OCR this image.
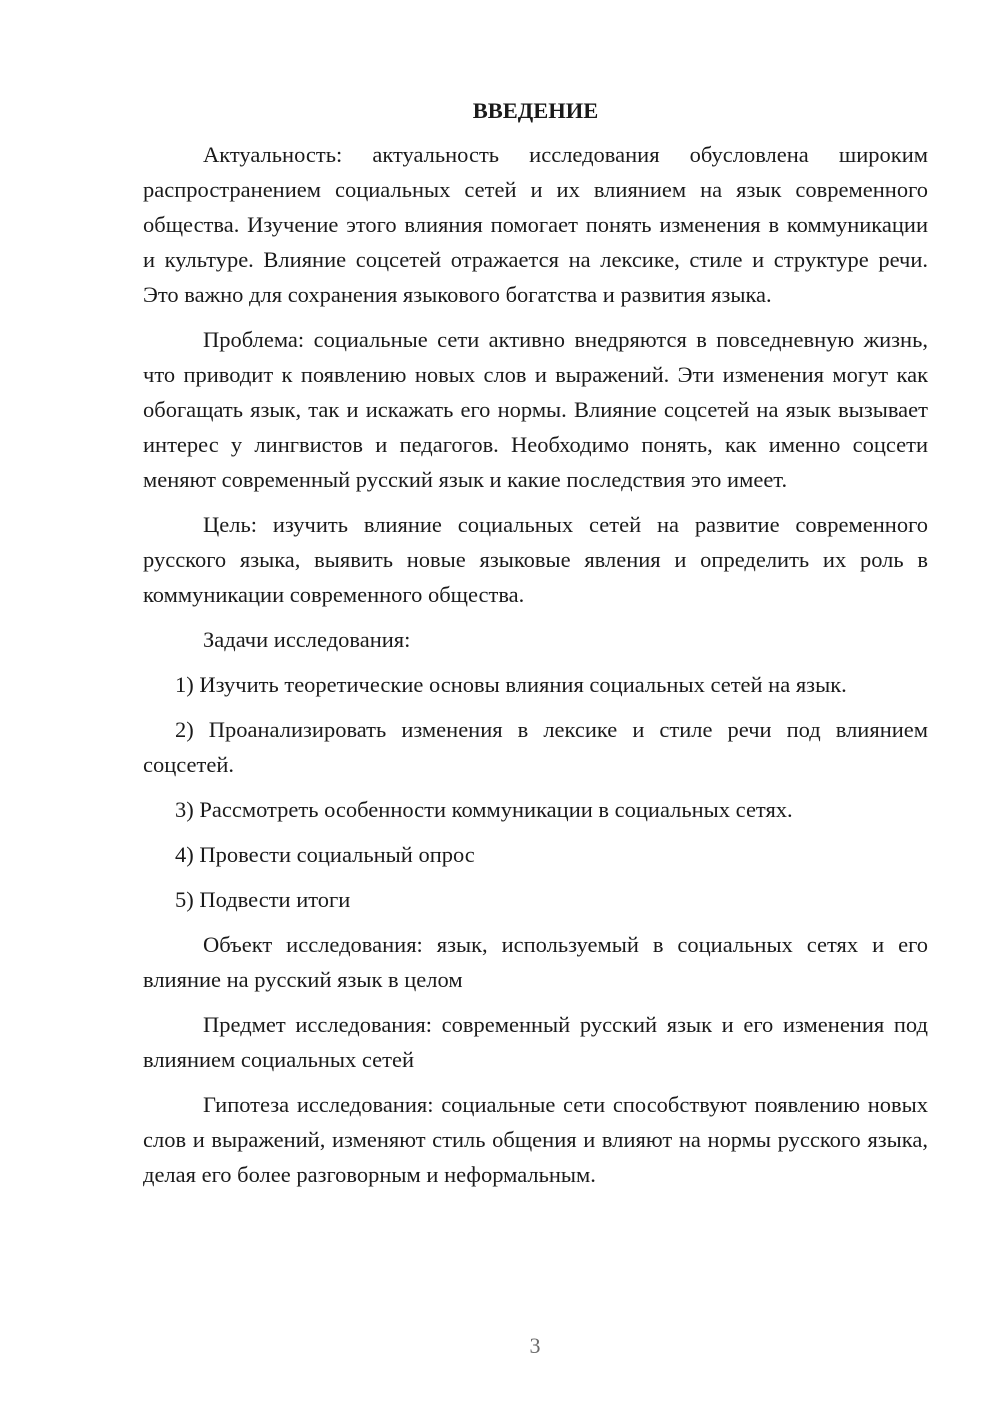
ВВЕДЕНИЕ

Актуальность: актуальность исследования обусловлена широким распространением социальных сетей и их влиянием на язык современного общества. Изучение этого влияния помогает понять изменения в коммуникации и культуре. Влияние соцсетей отражается на лексике, стиле и структуре речи. Это важно для сохранения языкового богатства и развития языка.

Проблема: социальные сети активно внедряются в повседневную жизнь, что приводит к появлению новых слов и выражений. Эти изменения могут как обогащать язык, так и искажать его нормы. Влияние соцсетей на язык вызывает интерес у лингвистов и педагогов. Необходимо понять, как именно соцсети меняют современный русский язык и какие последствия это имеет.

Цель: изучить влияние социальных сетей на развитие современного русского языка, выявить новые языковые явления и определить их роль в коммуникации современного общества.

Задачи исследования:

1) Изучить теоретические основы влияния социальных сетей на язык.

2) Проанализировать изменения в лексике и стиле речи под влиянием соцсетей.

3) Рассмотреть особенности коммуникации в социальных сетях.

4) Провести социальный опрос

5) Подвести итоги

Объект исследования: язык, используемый в социальных сетях и его влияние на русский язык в целом

Предмет исследования: современный русский язык и его изменения под влиянием социальных сетей

Гипотеза исследования: социальные сети способствуют появлению новых слов и выражений, изменяют стиль общения и влияют на нормы русского языка, делая его более разговорным и неформальным.

3
